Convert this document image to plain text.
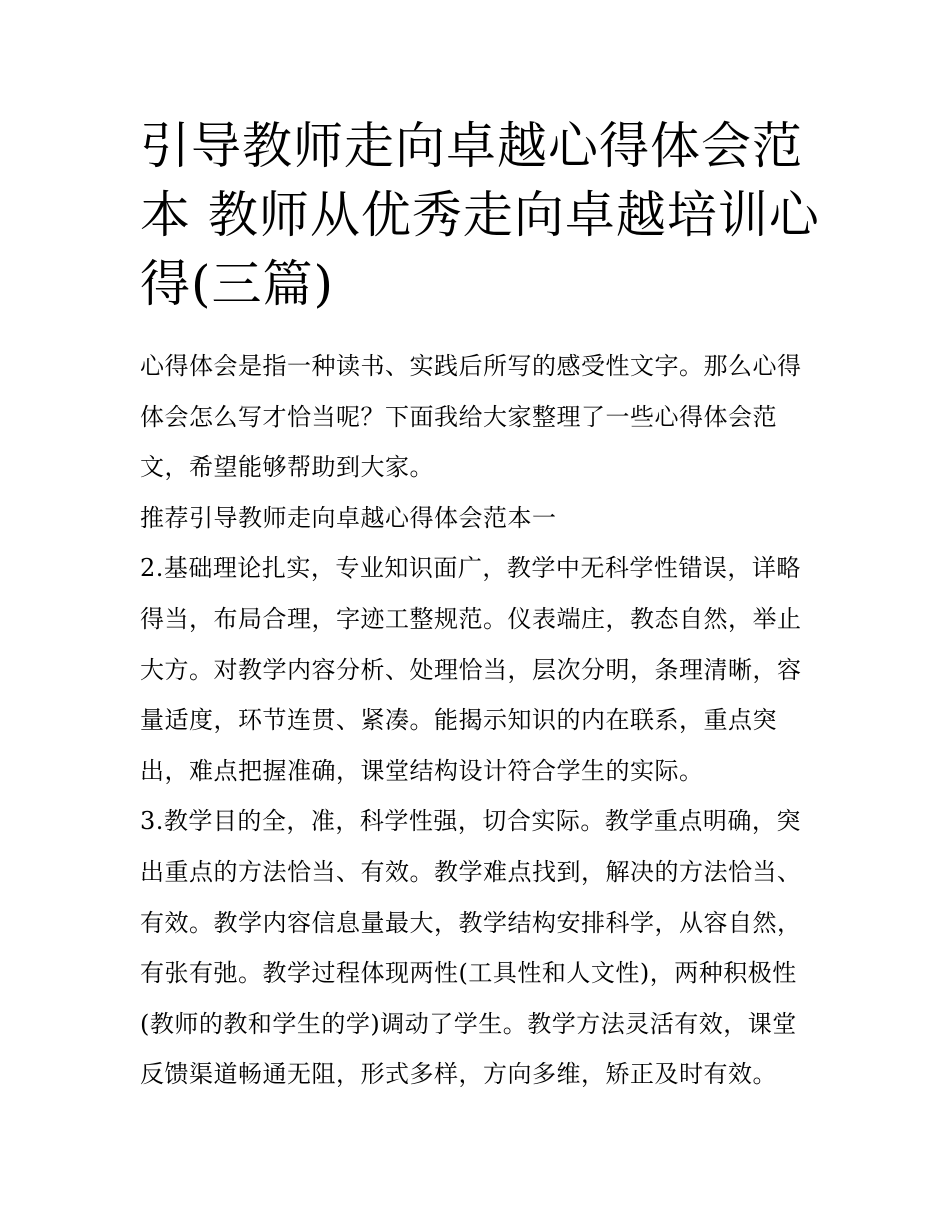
引导教师走向卓越心得体会范本 教师从优秀走向卓越培训心得(三篇)

心得体会是指一种读书、实践后所写的感受性文字。那么心得体会怎么写才恰当呢？下面我给大家整理了一些心得体会范文，希望能够帮助到大家。

推荐引导教师走向卓越心得体会范本一

2.基础理论扎实，专业知识面广，教学中无科学性错误，详略得当，布局合理，字迹工整规范。仪表端庄，教态自然，举止大方。对教学内容分析、处理恰当，层次分明，条理清晰，容量适度，环节连贯、紧凑。能揭示知识的内在联系，重点突出，难点把握准确，课堂结构设计符合学生的实际。

3.教学目的全，准，科学性强，切合实际。教学重点明确，突出重点的方法恰当、有效。教学难点找到，解决的方法恰当、有效。教学内容信息量最大，教学结构安排科学，从容自然，有张有弛。教学过程体现两性(工具性和人文性)，两种积极性(教师的教和学生的学)调动了学生。教学方法灵活有效，课堂反馈渠道畅通无阻，形式多样，方向多维，矫正及时有效。
